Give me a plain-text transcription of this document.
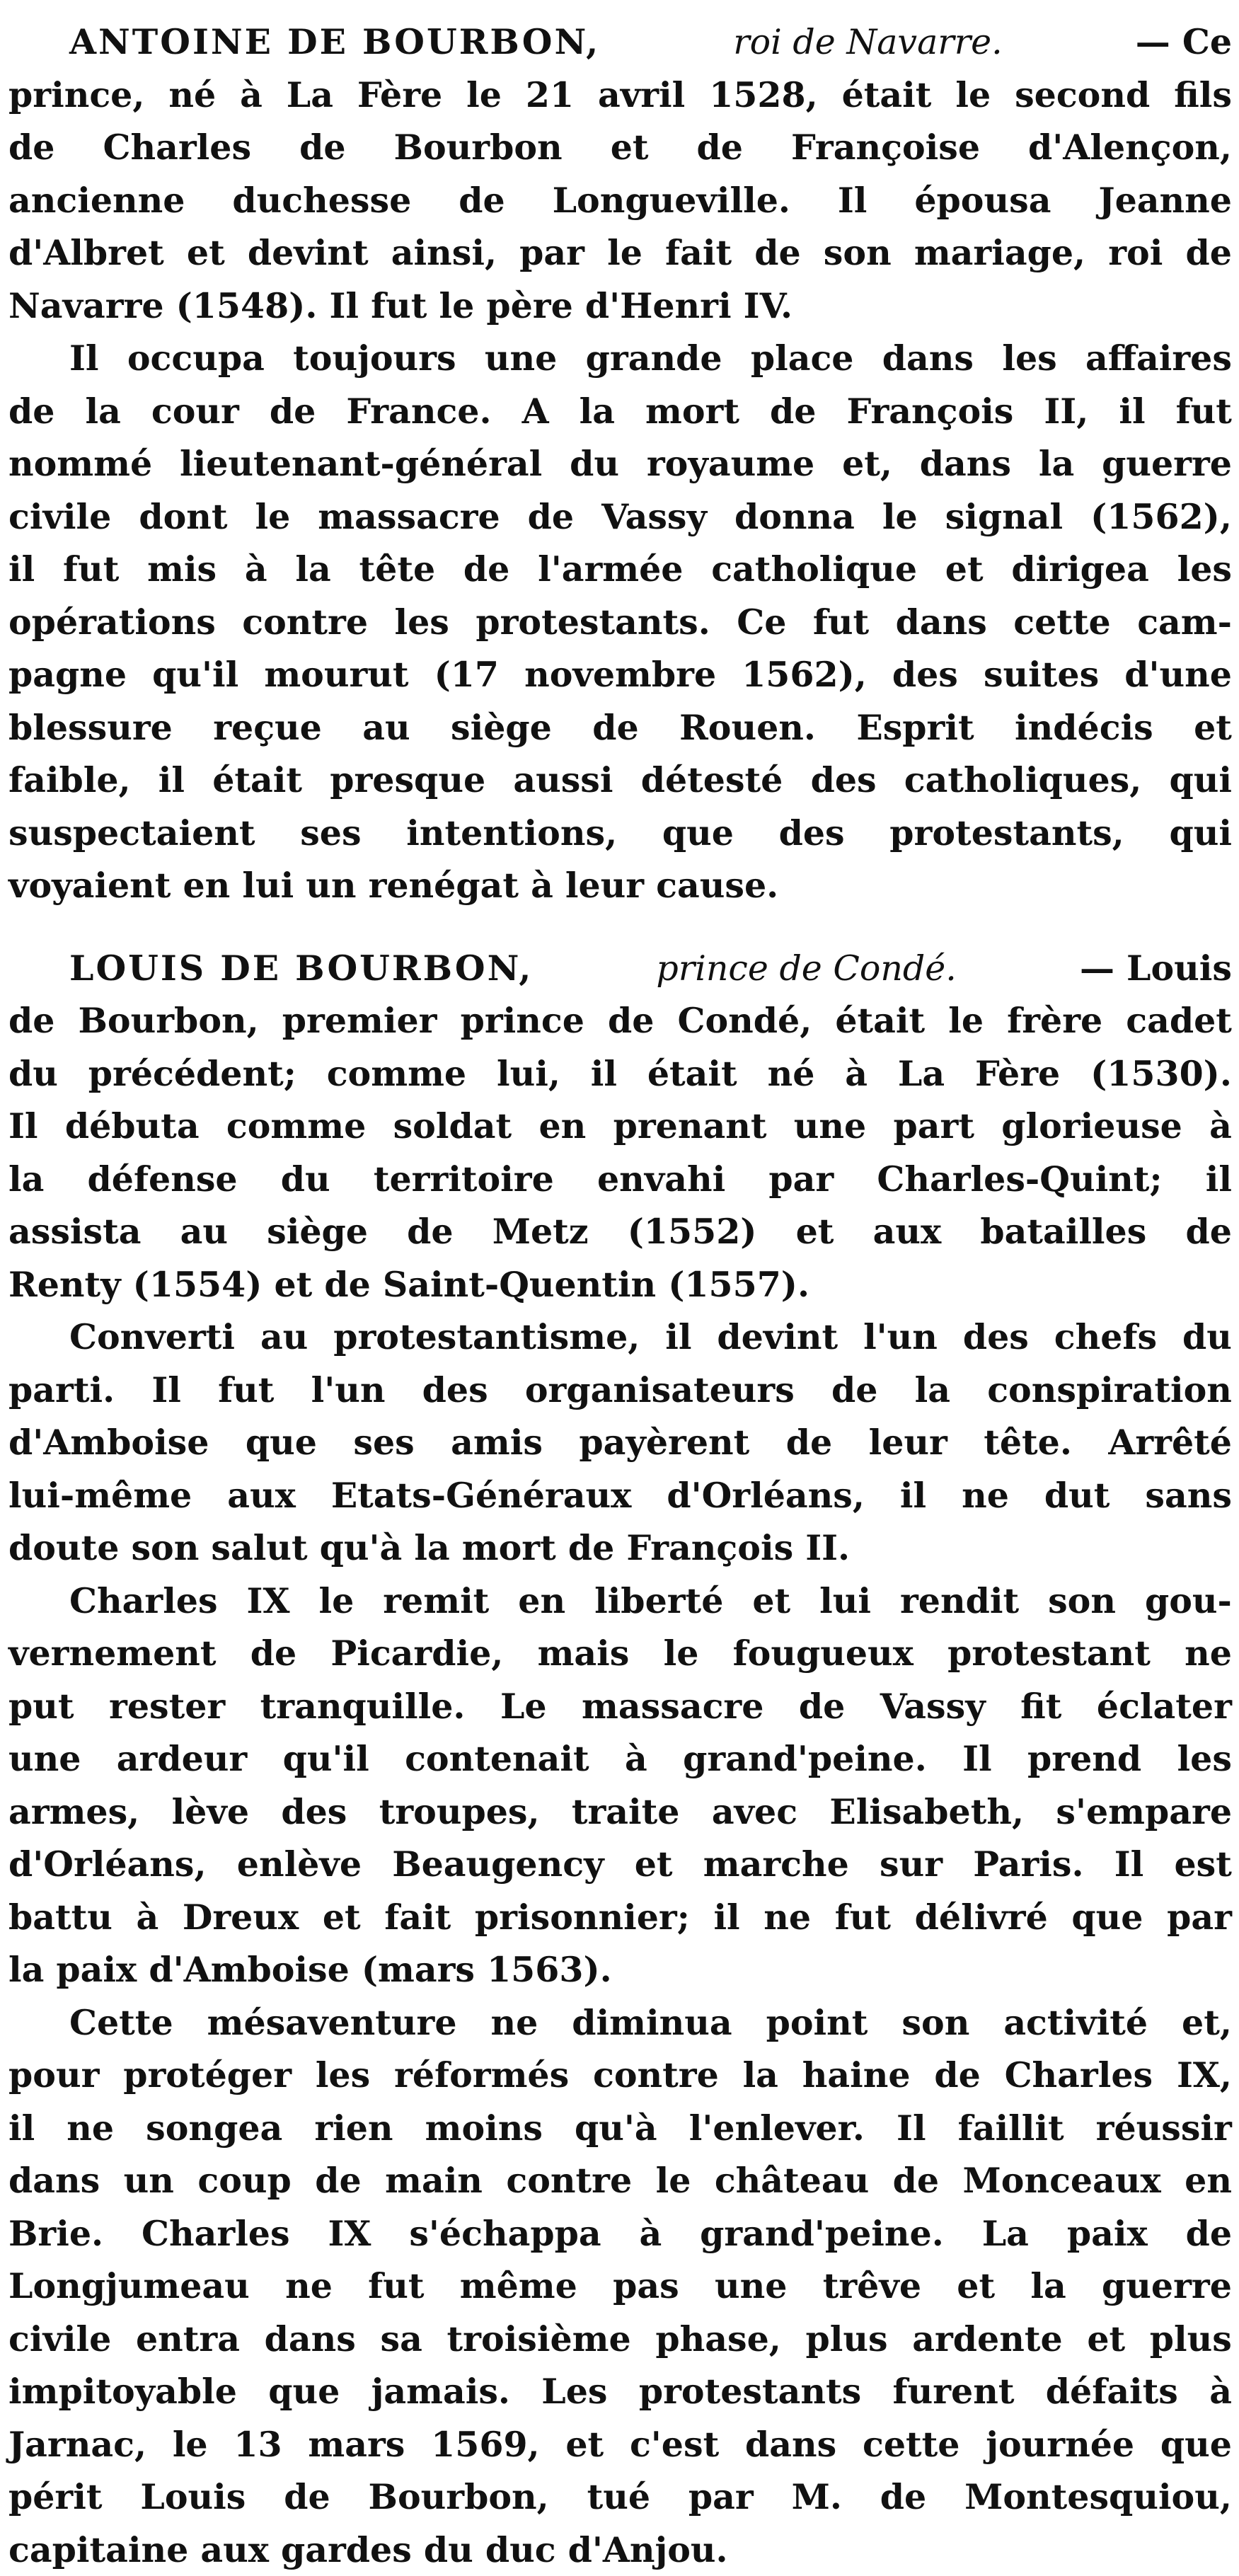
ANTOINE DE BOURBON,	roi de Navarre.	— Ce
prince, né à La Fère le 21 avril 1528, était le second fils
de Charles de Bourbon et de Françoise d'Alençon,
ancienne duchesse de Longueville. Il épousa Jeanne
d'Albret et devint ainsi, par le fait de son mariage, roi de
Navarre (1548). Il fut le père d'Henri IV.
Il occupa toujours une grande place dans les affaires
de la cour de France. A la mort de François II, il fut
nommé lieutenant-général du royaume et, dans la guerre
civile dont le massacre de Vassy donna le signal (1562),
il fut mis à la tête de l'armée catholique et dirigea les
opérations contre les protestants. Ce fut dans cette cam-
pagne qu'il mourut (17 novembre 1562), des suites d'une
blessure reçue au siège de Rouen. Esprit indécis et
faible, il était presque aussi détesté des catholiques, qui
suspectaient ses intentions, que des protestants, qui
voyaient en lui un renégat à leur cause.
LOUIS DE BOURBON,	prince de Condé.	— Louis
de Bourbon, premier prince de Condé, était le frère cadet
du précédent; comme lui, il était né à La Fère (1530).
Il débuta comme soldat en prenant une part glorieuse à
la défense du territoire envahi par Charles-Quint; il
assista au siège de Metz (1552) et aux batailles de
Renty (1554) et de Saint-Quentin (1557).
Converti au protestantisme, il devint l'un des chefs du
parti. Il fut l'un des organisateurs de la conspiration
d'Amboise que ses amis payèrent de leur tête. Arrêté
lui-même aux Etats-Généraux d'Orléans, il ne dut sans
doute son salut qu'à la mort de François II.
Charles IX le remit en liberté et lui rendit son gou-
vernement de Picardie, mais le fougueux protestant ne
put rester tranquille. Le massacre de Vassy fit éclater
une ardeur qu'il contenait à grand'peine. Il prend les
armes, lève des troupes, traite avec Elisabeth, s'empare
d'Orléans, enlève Beaugency et marche sur Paris. Il est
battu à Dreux et fait prisonnier; il ne fut délivré que par
la paix d'Amboise (mars 1563).
Cette mésaventure ne diminua point son activité et,
pour protéger les réformés contre la haine de Charles IX,
il ne songea rien moins qu'à l'enlever. Il faillit réussir
dans un coup de main contre le château de Monceaux en
Brie. Charles IX s'échappa à grand'peine. La paix de
Longjumeau ne fut même pas une trêve et la guerre
civile entra dans sa troisième phase, plus ardente et plus
impitoyable que jamais. Les protestants furent défaits à
Jarnac, le 13 mars 1569, et c'est dans cette journée que
périt Louis de Bourbon, tué par M. de Montesquiou,
capitaine aux gardes du duc d'Anjou.
